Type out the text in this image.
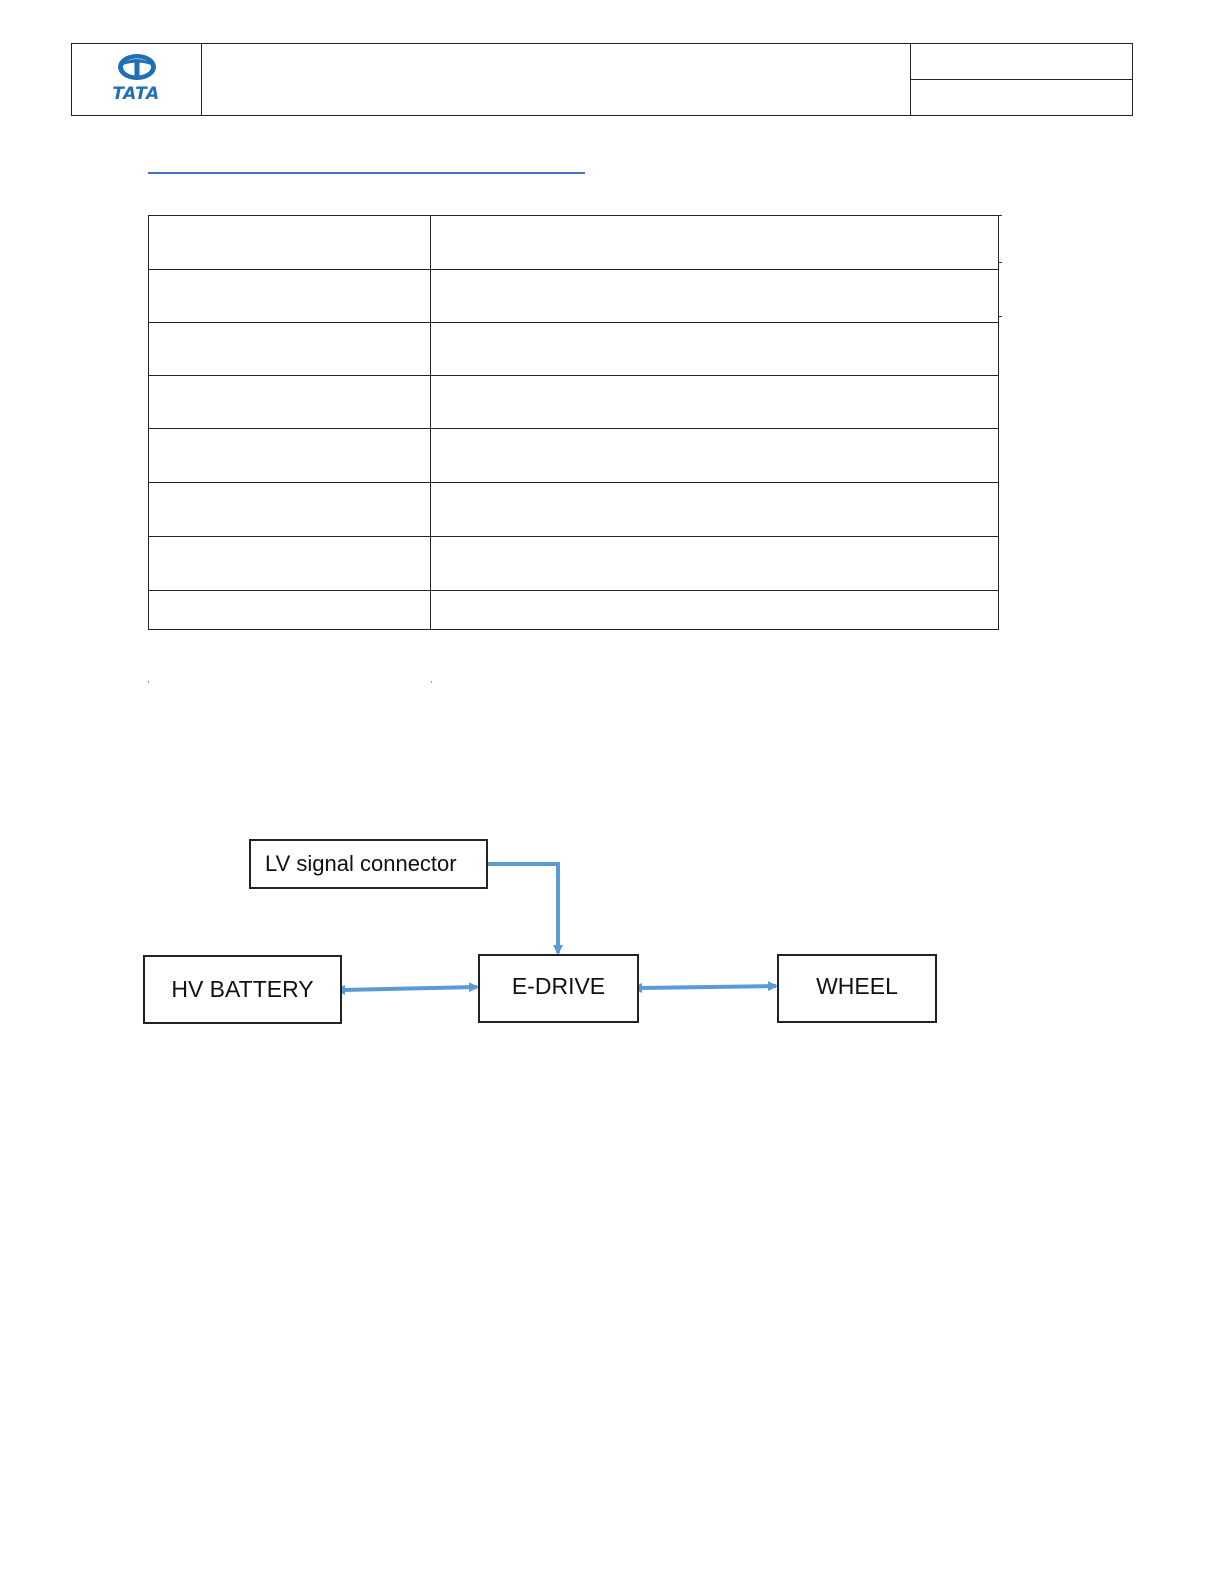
TATA

LV signal connector
HV BATTERY	E-DRIVE	WHEEL
